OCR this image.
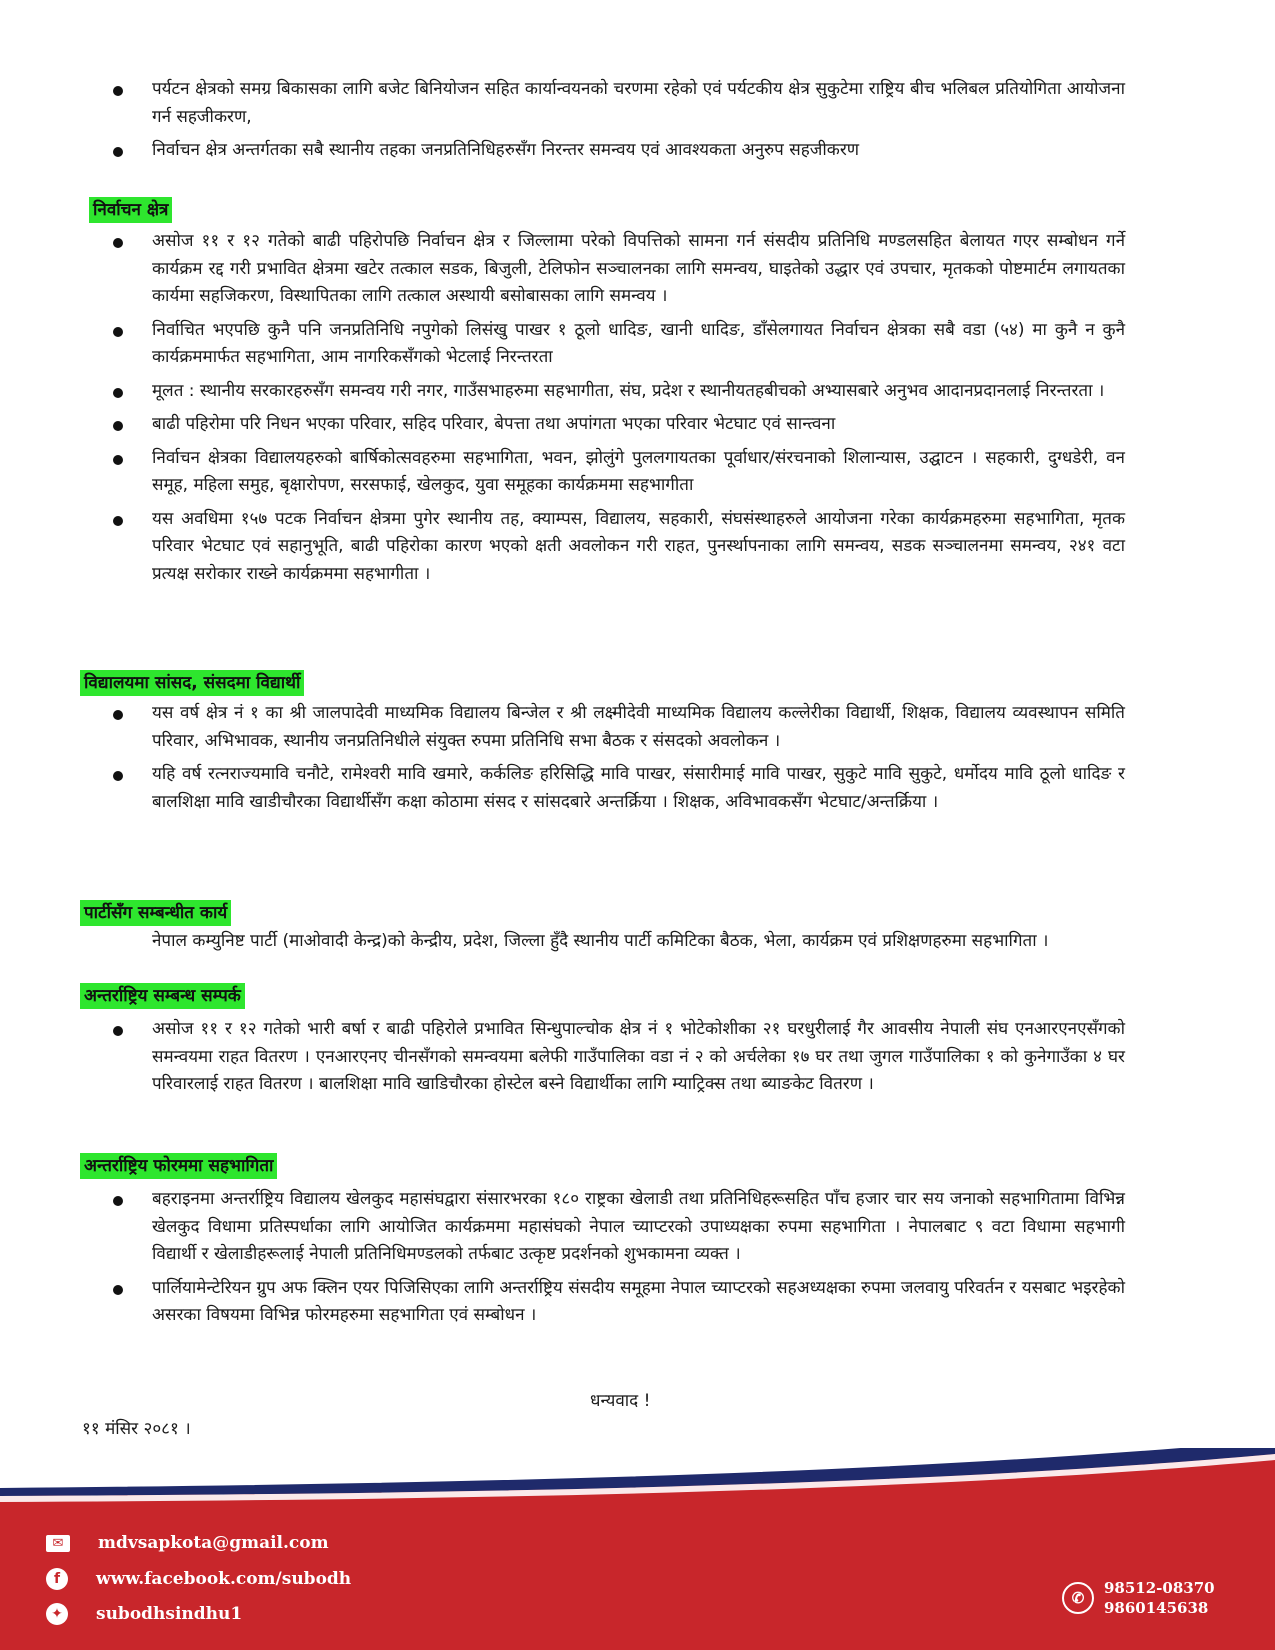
पर्यटन क्षेत्रको समग्र बिकासका लागि बजेट बिनियोजन सहित कार्यान्वयनको चरणमा रहेको एवं पर्यटकीय क्षेत्र सुकुटेमा राष्ट्रिय बीच भलिबल प्रतियोगिता आयोजना गर्न सहजीकरण,
निर्वाचन क्षेत्र अन्तर्गतका सबै स्थानीय तहका जनप्रतिनिधिहरुसँग निरन्तर समन्वय एवं आवश्यकता अनुरुप सहजीकरण
निर्वाचन क्षेत्र
असोज ११ र १२ गतेको बाढी पहिरोपछि निर्वाचन क्षेत्र र जिल्लामा परेको विपत्तिको सामना गर्न संसदीय प्रतिनिधि मण्डलसहित बेलायत गएर सम्बोधन गर्ने कार्यक्रम रद्द गरी प्रभावित क्षेत्रमा खटेर तत्काल सडक, बिजुली, टेलिफोन सञ्चालनका लागि समन्वय, घाइतेको उद्धार एवं उपचार, मृतकको पोष्टमार्टम लगायतका कार्यमा सहजिकरण, विस्थापितका लागि तत्काल अस्थायी बसोबासका लागि समन्वय ।
निर्वाचित भएपछि कुनै पनि जनप्रतिनिधि नपुगेको लिसंखु पाखर १ ठूलो धादिङ, खानी धादिङ, डाँसेलगायत निर्वाचन क्षेत्रका सबै वडा (५४) मा कुनै न कुनै कार्यक्रममार्फत सहभागिता, आम नागरिकसँगको भेटलाई निरन्तरता
मूलत : स्थानीय सरकारहरुसँग समन्वय गरी नगर, गाउँसभाहरुमा सहभागीता, संघ, प्रदेश र स्थानीयतहबीचको अभ्यासबारे अनुभव आदानप्रदानलाई निरन्तरता ।
बाढी पहिरोमा परि निधन भएका परिवार, सहिद परिवार, बेपत्ता तथा अपांगता भएका परिवार भेटघाट एवं सान्त्वना
निर्वाचन क्षेत्रका विद्यालयहरुको बार्षिकोत्सवहरुमा सहभागिता, भवन, झोलुंगे पुललगायतका पूर्वाधार/संरचनाको शिलान्यास, उद्घाटन । सहकारी, दुग्धडेरी, वन समूह, महिला समुह, बृक्षारोपण, सरसफाई, खेलकुद, युवा समूहका कार्यक्रममा सहभागीता
यस अवधिमा १५७ पटक निर्वाचन क्षेत्रमा पुगेर स्थानीय तह, क्याम्पस, विद्यालय, सहकारी, संघसंस्थाहरुले आयोजना गरेका कार्यक्रमहरुमा सहभागिता, मृतक परिवार भेटघाट एवं सहानुभूति, बाढी पहिरोका कारण भएको क्षती अवलोकन गरी राहत, पुनर्स्थापनाका लागि समन्वय, सडक सञ्चालनमा समन्वय, २४१ वटा प्रत्यक्ष सरोकार राख्ने कार्यक्रममा सहभागीता ।
विद्यालयमा सांसद, संसदमा विद्यार्थी
यस वर्ष क्षेत्र नं १ का श्री जालपादेवी माध्यमिक विद्यालय बिन्जेल र श्री लक्ष्मीदेवी माध्यमिक विद्यालय कल्लेरीका विद्यार्थी, शिक्षक, विद्यालय व्यवस्थापन समिति परिवार, अभिभावक, स्थानीय जनप्रतिनिधीले संयुक्त रुपमा प्रतिनिधि सभा बैठक र संसदको अवलोकन ।
यहि वर्ष रत्नराज्यमावि चनौटे, रामेश्वरी मावि खमारे, कर्कलिङ हरिसिद्धि मावि पाखर, संसारीमाई मावि पाखर, सुकुटे मावि सुकुटे, धर्मोदय मावि ठूलो धादिङ र बालशिक्षा मावि खाडीचौरका विद्यार्थीसँग कक्षा कोठामा संसद र सांसदबारे अन्तर्क्रिया । शिक्षक, अविभावकसँग भेटघाट/अन्तर्क्रिया ।
पार्टीसँग सम्बन्धीत कार्य
नेपाल कम्युनिष्ट पार्टी (माओवादी केन्द्र)को केन्द्रीय, प्रदेश, जिल्ला हुँदै स्थानीय पार्टी कमिटिका बैठक, भेला, कार्यक्रम एवं प्रशिक्षणहरुमा सहभागिता ।
अन्तर्राष्ट्रिय सम्बन्ध सम्पर्क
असोज ११ र १२ गतेको भारी बर्षा र बाढी पहिरोले प्रभावित सिन्धुपाल्चोक क्षेत्र नं १ भोटेकोशीका २१ घरधुरीलाई गैर आवसीय नेपाली संघ एनआरएनएसँगको समन्वयमा राहत वितरण । एनआरएनए चीनसँगको समन्वयमा बलेफी गाउँपालिका वडा नं २ को अर्चलेका १७ घर तथा जुगल गाउँपालिका १ को कुनेगाउँका ४ घर परिवारलाई राहत वितरण । बालशिक्षा मावि खाडिचौरका होस्टेल बस्ने विद्यार्थीका लागि म्याट्रिक्स तथा ब्याङकेट वितरण ।
अन्तर्राष्ट्रिय फोरममा सहभागिता
बहराइनमा अन्तर्राष्ट्रिय विद्यालय खेलकुद महासंघद्वारा संसारभरका १८० राष्ट्रका खेलाडी तथा प्रतिनिधिहरूसहित पाँच हजार चार सय जनाको सहभागितामा विभिन्न खेलकुद विधामा प्रतिस्पर्धाका लागि आयोजित कार्यक्रममा महासंघको नेपाल च्याप्टरको उपाध्यक्षका रुपमा सहभागिता । नेपालबाट ९ वटा विधामा सहभागी विद्यार्थी र खेलाडीहरूलाई नेपाली प्रतिनिधिमण्डलको तर्फबाट उत्कृष्ट प्रदर्शनको शुभकामना व्यक्त ।
पार्लियामेन्टेरियन ग्रुप अफ क्लिन एयर पिजिसिएका लागि अन्तर्राष्ट्रिय संसदीय समूहमा नेपाल च्याप्टरको सहअध्यक्षका रुपमा जलवायु परिवर्तन र यसबाट भइरहेको असरका विषयमा विभिन्न फोरमहरुमा सहभागिता एवं सम्बोधन ।
धन्यवाद !
११ मंसिर २०८१ ।
✉	mdvsapkota@gmail.com
f	www.facebook.com/subodh
✦	subodhsindhu1
✆
98512-08370
9860145638
